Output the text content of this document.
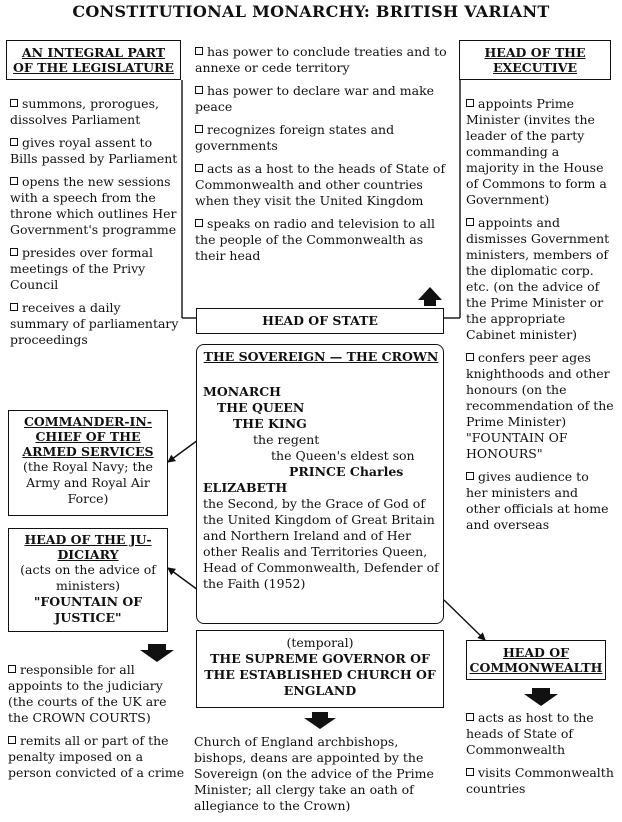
CONSTITUTIONAL MONARCHY: BRITISH VARIANT
AN INTEGRAL PART
OF THE LEGISLATURE
summons, prorogues, dissolves Parliament
gives royal assent to Bills passed by Parliament
opens the new sessions with a speech from the throne which outlines Her Government's programme
presides over formal meetings of the Privy Council
receives a daily summary of parliamentary proceedings
has power to conclude treaties and to annexe or cede territory
has power to declare war and make peace
recognizes foreign states and governments
acts as a host to the heads of State of Commonwealth and other countries when they visit the United Kingdom
speaks on radio and television to all the people of the Commonwealth as their head
HEAD OF STATE
HEAD OF THE
EXECUTIVE
appoints Prime Minister (invites the leader of the party commanding a majority in the House of Commons to form a Government)
appoints and dismisses Government ministers, members of the diplomatic corp. etc. (on the advice of the Prime Minister or the appropriate Cabinet minister)
confers peer ages knighthoods and other honours (on the recommendation of the Prime Minister) "FOUNTAIN OF HONOURS"
gives audience to her ministers and other officials at home and overseas
THE SOVEREIGN — THE CROWN
MONARCH
THE QUEEN
THE KING
the regent
the Queen's eldest son
PRINCE Charles
ELIZABETH
the Second, by the Grace of God of the United Kingdom of Great Britain and Northern Ireland and of Her other Realis and Territories Queen, Head of Commonwealth, Defender of the Faith (1952)
COMMANDER-IN-
CHIEF OF THE
ARMED SERVICES
(the Royal Navy; the Army and Royal Air Force)
HEAD OF THE JU-
DICIARY
(acts on the advice of ministers)
"FOUNTAIN OF JUSTICE"
responsible for all appoints to the judiciary (the courts of the UK are the CROWN COURTS)
remits all or part of the penalty imposed on a person convicted of a crime
(temporal)
THE SUPREME GOVERNOR OF THE ESTABLISHED CHURCH OF ENGLAND
Church of England archbishops, bishops, deans are appointed by the Sovereign (on the advice of the Prime Minister; all clergy take an oath of allegiance to the Crown)
HEAD OF
COMMONWEALTH
acts as host to the heads of State of Commonwealth
visits Commonwealth countries
